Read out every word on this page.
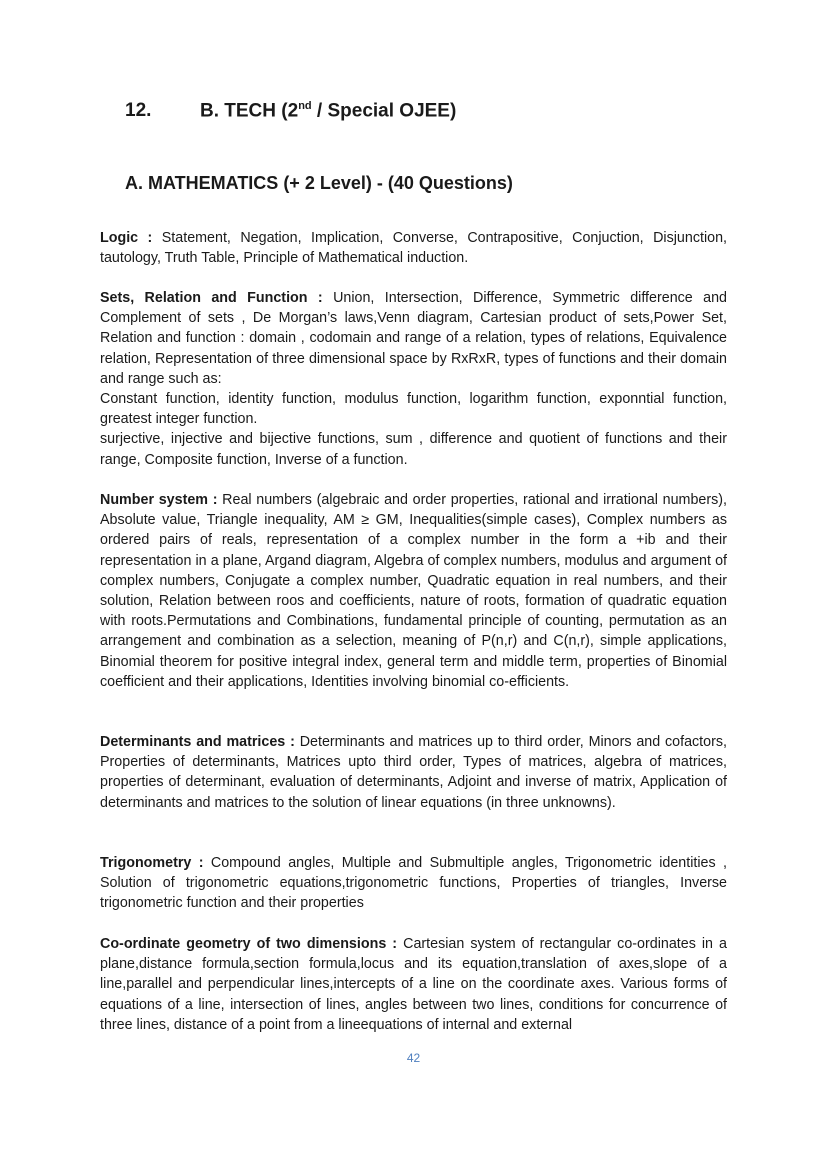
12.	B. TECH (2nd / Special OJEE)
A. MATHEMATICS (+ 2 Level) - (40 Questions)

Logic : Statement, Negation, Implication, Converse, Contrapositive, Conjuction, Disjunction, tautology, Truth Table, Principle of Mathematical induction.

Sets, Relation and Function : Union, Intersection, Difference, Symmetric difference and Complement of sets , De Morgan’s laws,Venn diagram, Cartesian product of sets,Power Set, Relation and function : domain , codomain and range of a relation, types of relations, Equivalence relation, Representation of three dimensional space by RxRxR, types of functions and their domain and range such as:
Constant function, identity function, modulus function, logarithm function, exponntial function, greatest integer function.
surjective, injective and bijective functions, sum , difference and quotient of functions and their range, Composite function, Inverse of a function.

Number system : Real numbers (algebraic and order properties, rational and irrational numbers), Absolute value, Triangle inequality, AM ≥ GM, Inequalities(simple cases), Complex numbers as ordered pairs of reals, representation of a complex number in the form a +ib and their representation in a plane, Argand diagram, Algebra of complex numbers, modulus and argument of complex numbers, Conjugate a complex number, Quadratic equation in real numbers, and their solution, Relation between roos and coefficients, nature of roots, formation of quadratic equation with roots.Permutations and Combinations, fundamental principle of counting, permutation as an arrangement and combination as a selection, meaning of P(n,r) and C(n,r), simple applications, Binomial theorem for positive integral index, general term and middle term, properties of Binomial coefficient and their applications, Identities involving binomial co-efficients.

Determinants and matrices : Determinants and matrices up to third order, Minors and cofactors, Properties of determinants, Matrices upto third order, Types of matrices, algebra of matrices, properties of determinant, evaluation of determinants, Adjoint and inverse of matrix, Application of determinants and matrices to the solution of linear equations (in three unknowns).

Trigonometry : Compound angles, Multiple and Submultiple angles, Trigonometric identities , Solution of trigonometric equations,trigonometric functions, Properties of triangles, Inverse trigonometric function and their properties

Co-ordinate geometry of two dimensions : Cartesian system of rectangular co-ordinates in a plane,distance formula,section formula,locus and its equation,translation of axes,slope of a line,parallel and perpendicular lines,intercepts of a line on the coordinate axes. Various forms of equations of a line, intersection of lines, angles between two lines, conditions for concurrence of three lines, distance of a point from a lineequations of internal and external

42
